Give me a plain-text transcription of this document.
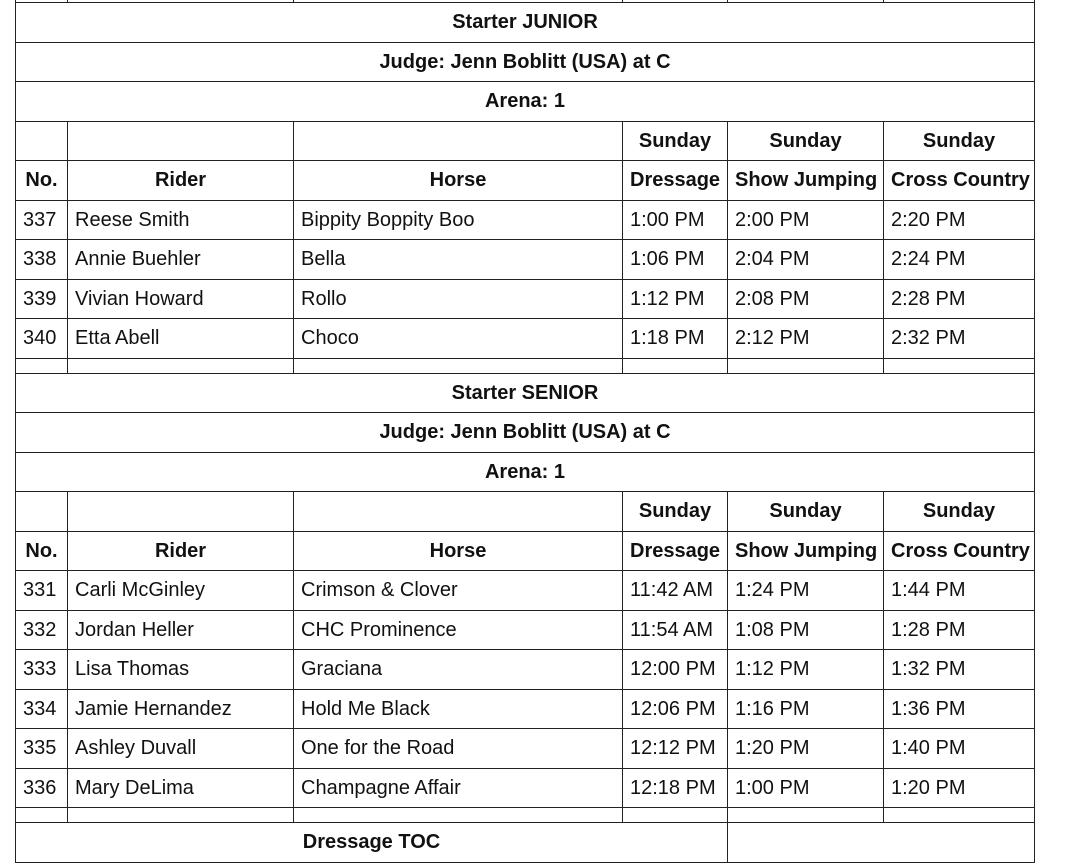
Starter JUNIOR					
Judge: Jenn Boblitt (USA) at C					
Arena: 1					
			Sunday	Sunday	Sunday
No.	Rider	Horse	Dressage	Show Jumping	Cross Country
337	Reese Smith	Bippity Boppity Boo	1:00 PM	2:00 PM	2:20 PM
338	Annie Buehler	Bella	1:06 PM	2:04 PM	2:24 PM
339	Vivian Howard	Rollo	1:12 PM	2:08 PM	2:28 PM
340	Etta Abell	Choco	1:18 PM	2:12 PM	2:32 PM

Starter SENIOR					
Judge: Jenn Boblitt (USA) at C					
Arena: 1					
			Sunday	Sunday	Sunday
No.	Rider	Horse	Dressage	Show Jumping	Cross Country
331	Carli McGinley	Crimson & Clover	11:42 AM	1:24 PM	1:44 PM
332	Jordan Heller	CHC Prominence	11:54 AM	1:08 PM	1:28 PM
333	Lisa Thomas	Graciana	12:00 PM	1:12 PM	1:32 PM
334	Jamie Hernandez	Hold Me Black	12:06 PM	1:16 PM	1:36 PM
335	Ashley Duvall	One for the Road	12:12 PM	1:20 PM	1:40 PM
336	Mary DeLima	Champagne Affair	12:18 PM	1:00 PM	1:20 PM

Dressage TOC					
